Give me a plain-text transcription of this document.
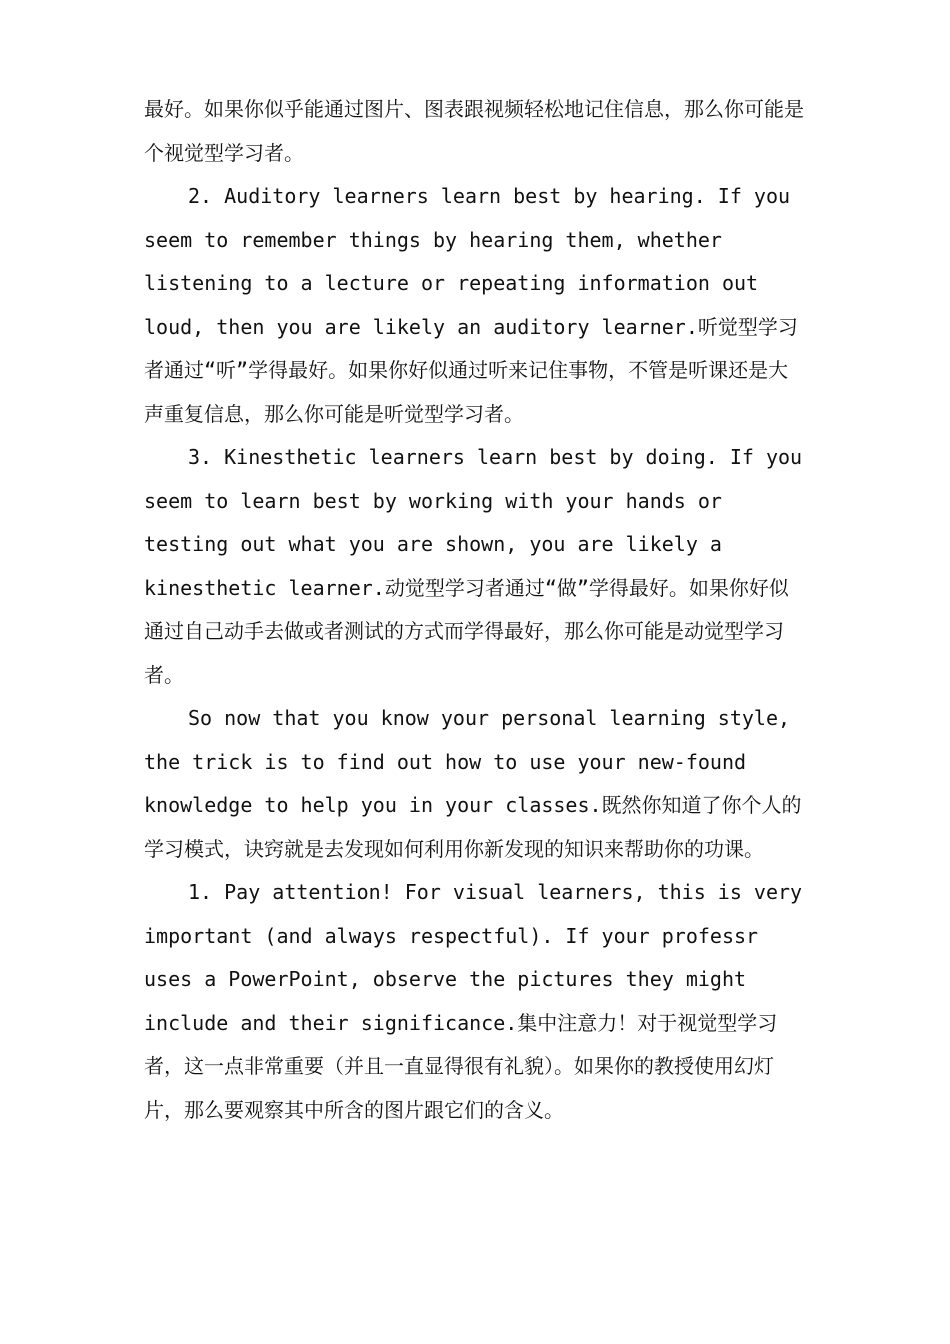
最好。如果你似乎能通过图片、图表跟视频轻松地记住信息，那么你可能是个视觉型学习者。

2. Auditory learners learn best by hearing. If you seem to remember things by hearing them, whether listening to a lecture or repeating information out loud, then you are likely an auditory learner.听觉型学习者通过“听”学得最好。如果你好似通过听来记住事物，不管是听课还是大声重复信息，那么你可能是听觉型学习者。

3. Kinesthetic learners learn best by doing. If you seem to learn best by working with your hands or testing out what you are shown, you are likely a kinesthetic learner.动觉型学习者通过“做”学得最好。如果你好似通过自己动手去做或者测试的方式而学得最好，那么你可能是动觉型学习者。

So now that you know your personal learning style, the trick is to find out how to use your new-found knowledge to help you in your classes.既然你知道了你个人的学习模式，诀窍就是去发现如何利用你新发现的知识来帮助你的功课。

1. Pay attention! For visual learners, this is very important (and always respectful). If your professr uses a PowerPoint, observe the pictures they might include and their significance.集中注意力！对于视觉型学习者，这一点非常重要（并且一直显得很有礼貌）。如果你的教授使用幻灯片，那么要观察其中所含的图片跟它们的含义。
